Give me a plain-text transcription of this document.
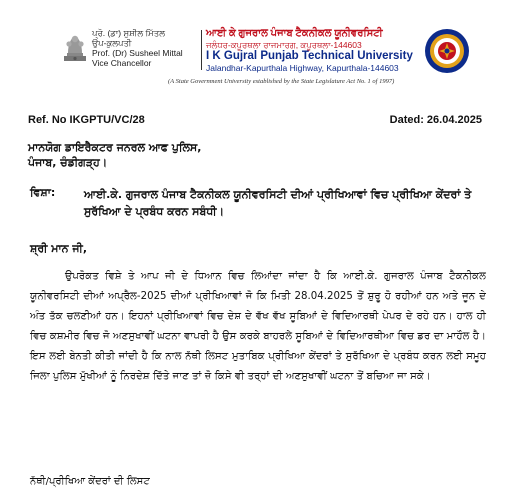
ਪ੍ਰੋ. (ਡਾ) ਸੁਸ਼ੀਲ ਮਿੱਤਲ
ਉਪ-ਕੁਲਪਤੀ
Prof. (Dr) Susheel Mittal
Vice Chancellor
ਆਈ ਕੇ ਗੁਜਰਾਲ ਪੰਜਾਬ ਟੈਕਨੀਕਲ ਯੂਨੀਵਰਸਿਟੀ
ਜਲੰਧਰ-ਕਪੂਰਥਲਾ ਰਾਜਮਾਰਗ, ਕਪੂਰਥਲਾ-144603
I K Gujral Punjab Technical University
Jalandhar-Kapurthala Highway, Kapurthala-144603
(A State Government University established by the State Legislature Act No. 1 of 1997)
Ref. No IKGPTU/VC/28	Dated: 26.04.2025
ਮਾਨਯੋਗ ਡਾਇਰੈਕਟਰ ਜਨਰਲ ਆਫ ਪੁਲਿਸ,
ਪੰਜਾਬ, ਚੰਡੀਗੜ੍ਹ।
ਵਿਸ਼ਾ:	ਆਈ.ਕੇ. ਗੁਜਰਾਲ ਪੰਜਾਬ ਟੈਕਨੀਕਲ ਯੂਨੀਵਰਸਿਟੀ ਦੀਆਂ ਪ੍ਰੀਖਿਆਵਾਂ ਵਿਚ ਪ੍ਰੀਖਿਆ ਕੇਂਦਰਾਂ ਤੇ ਸੁਰੱਖਿਆ ਦੇ ਪ੍ਰਬੰਧ ਕਰਨ ਸਬੰਧੀ।
ਸ਼੍ਰੀ ਮਾਨ ਜੀ,
ਉਪਰੋਕਤ ਵਿਸ਼ੇ ਤੇ ਆਪ ਜੀ ਦੇ ਧਿਆਨ ਵਿਚ ਲਿਆਂਦਾ ਜਾਂਦਾ ਹੈ ਕਿ ਆਈ.ਕੇ. ਗੁਜਰਾਲ ਪੰਜਾਬ ਟੈਕਨੀਕਲ ਯੂਨੀਵਰਸਿਟੀ ਦੀਆਂ ਅਪ੍ਰੈਲ-2025 ਦੀਆਂ ਪ੍ਰੀਖਿਆਵਾਂ ਜੋ ਕਿ ਮਿਤੀ 28.04.2025 ਤੋਂ ਸ਼ੁਰੂ ਹੋ ਰਹੀਆਂ ਹਨ ਅਤੇ ਜੂਨ ਦੇ ਅੰਤ ਤੱਕ ਚਲਣੀਆਂ ਹਨ। ਇਹਨਾਂ ਪ੍ਰੀਖਿਆਵਾਂ ਵਿਚ ਦੇਸ਼ ਦੇ ਵੱਖ ਵੱਖ ਸੂਬਿਆਂ ਦੇ ਵਿਦਿਆਰਥੀ ਪੇਪਰ ਦੇ ਰਹੇ ਹਨ। ਹਾਲ ਹੀ ਵਿਚ ਕਸ਼ਮੀਰ ਵਿਚ ਜੋ ਅਣਸੁਖਾਵੀਂ ਘਟਨਾ ਵਾਪਰੀ ਹੈ ਉਸ ਕਰਕੇ ਬਾਹਰਲੇ ਸੂਬਿਆਂ ਦੇ ਵਿਦਿਆਰਥੀਆ ਵਿਚ ਡਰ ਦਾ ਮਾਹੌਲ ਹੈ। ਇਸ ਲਈ ਬੇਨਤੀ ਕੀਤੀ ਜਾਂਦੀ ਹੈ ਕਿ ਨਾਲ ਨੱਥੀ ਲਿਸਟ ਮੁਤਾਬਿਕ ਪ੍ਰੀਖਿਆ ਕੇਂਦਰਾਂ ਤੇ ਸੁਰੱਖਿਆ ਦੇ ਪ੍ਰਬੰਧ ਕਰਨ ਲਈ ਸਮੂਹ ਜਿਲਾ ਪੁਲਿਸ ਮੁੱਖੀਆਂ ਨੂੰ ਨਿਰਦੇਸ਼ ਦਿੱਤੇ ਜਾਣ ਤਾਂ ਜ਼ੋ ਕਿਸੇ ਵੀ ਤਰ੍ਹਾਂ ਦੀ ਅਣਸੁਖਾਵੀਂ ਘਟਨਾ ਤੋਂ ਬਚਿਆ ਜਾ ਸਕੇ।
ਨੱਥੀ/ਪ੍ਰੀਖਿਆ ਕੇਂਦਰਾਂ ਦੀ ਲਿਸਟ
